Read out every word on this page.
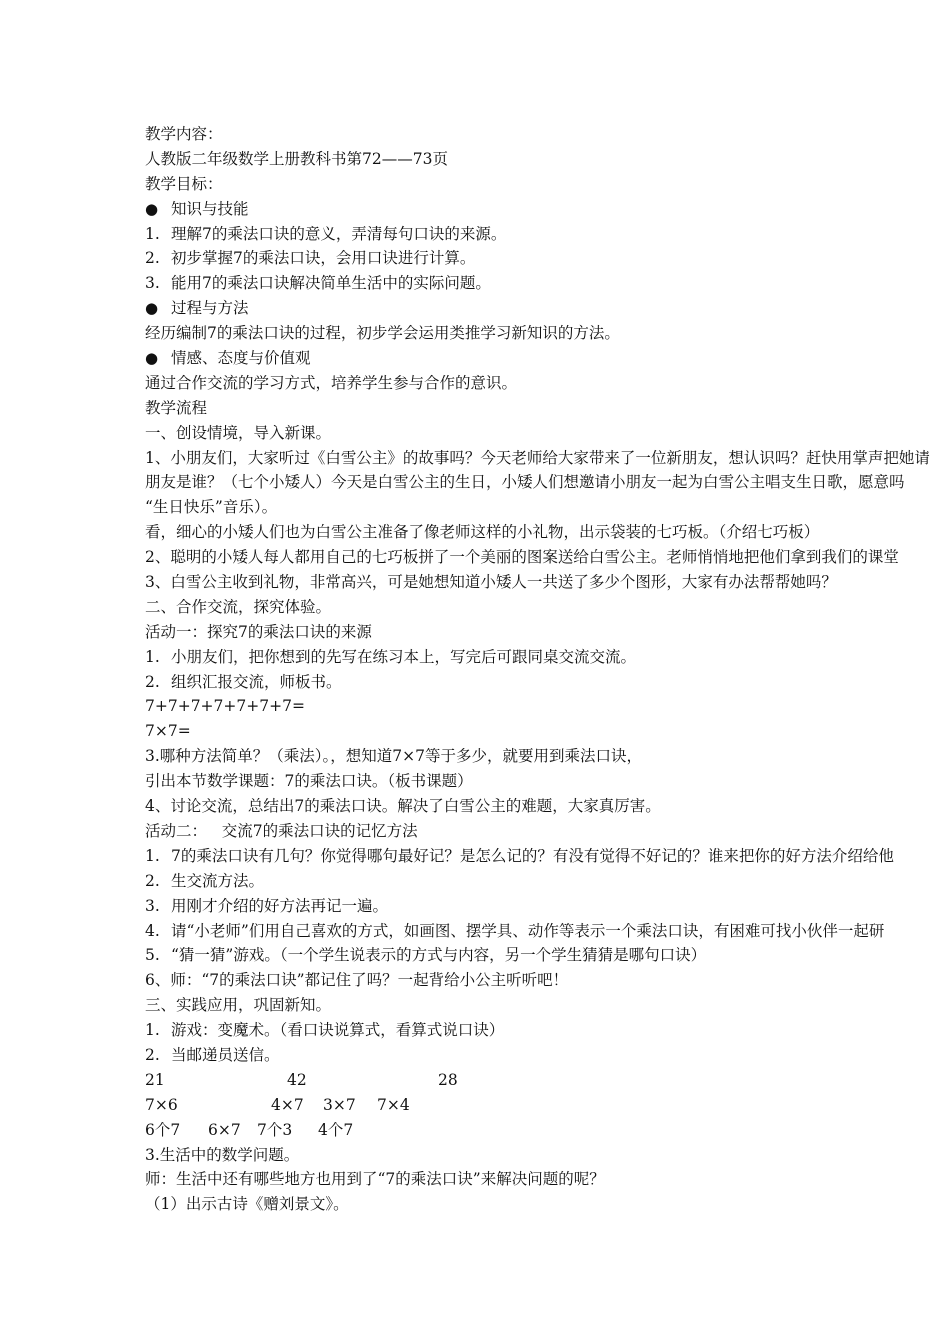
教学内容：
人教版二年级数学上册教科书第72——73页
教学目标：
● 知识与技能
1. 理解7的乘法口诀的意义，弄清每句口诀的来源。
2. 初步掌握7的乘法口诀，会用口诀进行计算。
3. 能用7的乘法口诀解决简单生活中的实际问题。
● 过程与方法
经历编制7的乘法口诀的过程，初步学会运用类推学习新知识的方法。
● 情感、态度与价值观
通过合作交流的学习方式，培养学生参与合作的意识。
教学流程
一、创设情境，导入新课。
1、小朋友们，大家听过《白雪公主》的故事吗？今天老师给大家带来了一位新朋友，想认识吗？赶快用掌声把她请
朋友是谁？（七个小矮人）今天是白雪公主的生日，小矮人们想邀请小朋友一起为白雪公主唱支生日歌，愿意吗
“生日快乐”音乐）。
看，细心的小矮人们也为白雪公主准备了像老师这样的小礼物，出示袋装的七巧板。（介绍七巧板）
2、聪明的小矮人每人都用自己的七巧板拼了一个美丽的图案送给白雪公主。老师悄悄地把他们拿到我们的课堂
3、白雪公主收到礼物，非常高兴，可是她想知道小矮人一共送了多少个图形，大家有办法帮帮她吗？
二、合作交流，探究体验。
活动一：探究7的乘法口诀的来源
1. 小朋友们，把你想到的先写在练习本上，写完后可跟同桌交流交流。
2. 组织汇报交流，师板书。
7+7+7+7+7+7+7=
7×7=
3.哪种方法简单？（乘法）。，想知道7×7等于多少，就要用到乘法口诀，
引出本节数学课题：7的乘法口诀。（板书课题）
4、讨论交流，总结出7的乘法口诀。解决了白雪公主的难题，大家真厉害。
活动二：   交流7的乘法口诀的记忆方法
1. 7的乘法口诀有几句？你觉得哪句最好记？是怎么记的？有没有觉得不好记的？谁来把你的好方法介绍给他
2. 生交流方法。
3. 用刚才介绍的好方法再记一遍。
4. 请“小老师”们用自己喜欢的方式，如画图、摆学具、动作等表示一个乘法口诀，有困难可找小伙伴一起研
5. “猜一猜”游戏。（一个学生说表示的方式与内容，另一个学生猜猜是哪句口诀）
6、师：“7的乘法口诀”都记住了吗？一起背给小公主听听吧！
三、实践应用，巩固新知。
1. 游戏：变魔术。（看口诀说算式，看算式说口诀）
2. 当邮递员送信。
21	42	28
7×6	4×7 3×7 7×4
6个7 6×7 7个3 4个7
3.生活中的数学问题。
师：生活中还有哪些地方也用到了“7的乘法口诀”来解决问题的呢？
（1）出示古诗《赠刘景文》。
